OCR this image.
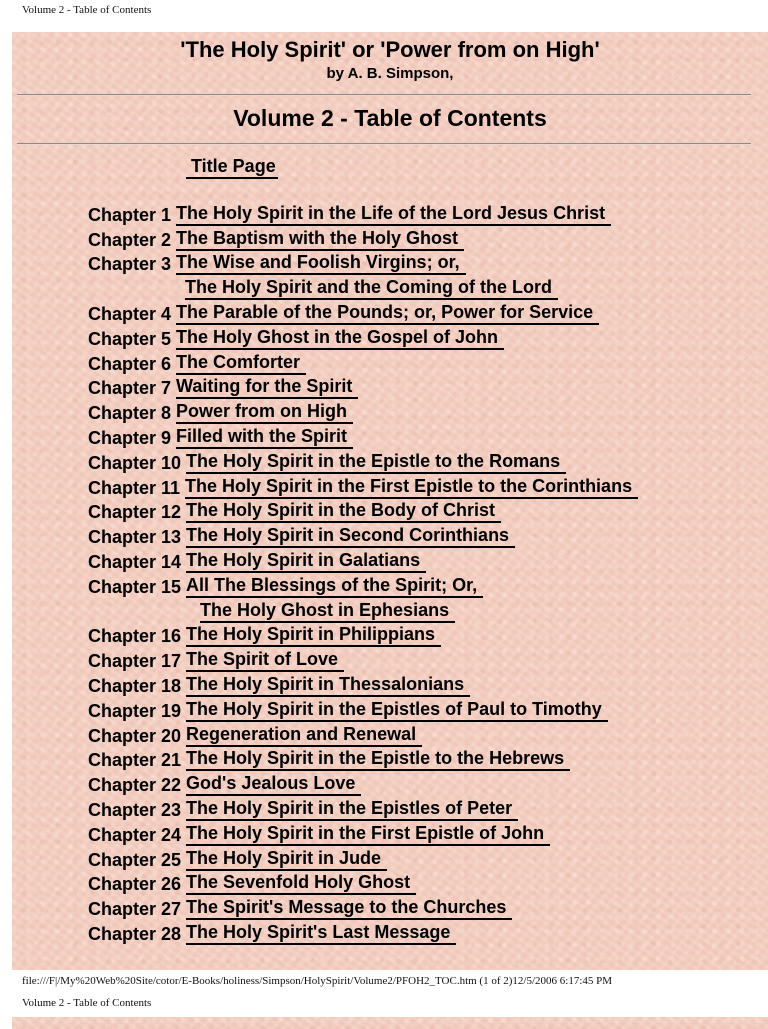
Volume 2 - Table of Contents
'The Holy Spirit' or 'Power from on High'
by A. B. Simpson,
Volume 2 - Table of Contents
Title Page
Chapter 1 The Holy Spirit in the Life of the Lord Jesus Christ
Chapter 2 The Baptism with the Holy Ghost
Chapter 3 The Wise and Foolish Virgins; or,
The Holy Spirit and the Coming of the Lord
Chapter 4 The Parable of the Pounds; or, Power for Service
Chapter 5 The Holy Ghost in the Gospel of John
Chapter 6 The Comforter
Chapter 7 Waiting for the Spirit
Chapter 8 Power from on High
Chapter 9 Filled with the Spirit
Chapter 10 The Holy Spirit in the Epistle to the Romans
Chapter 11 The Holy Spirit in the First Epistle to the Corinthians
Chapter 12 The Holy Spirit in the Body of Christ
Chapter 13 The Holy Spirit in Second Corinthians
Chapter 14 The Holy Spirit in Galatians
Chapter 15 All The Blessings of the Spirit; Or,
The Holy Ghost in Ephesians
Chapter 16 The Holy Spirit in Philippians
Chapter 17 The Spirit of Love
Chapter 18 The Holy Spirit in Thessalonians
Chapter 19 The Holy Spirit in the Epistles of Paul to Timothy
Chapter 20 Regeneration and Renewal
Chapter 21 The Holy Spirit in the Epistle to the Hebrews
Chapter 22 God's Jealous Love
Chapter 23 The Holy Spirit in the Epistles of Peter
Chapter 24 The Holy Spirit in the First Epistle of John
Chapter 25 The Holy Spirit in Jude
Chapter 26 The Sevenfold Holy Ghost
Chapter 27 The Spirit's Message to the Churches
Chapter 28 The Holy Spirit's Last Message
file:///F|/My%20Web%20Site/cotor/E-Books/holiness/Simpson/HolySpirit/Volume2/PFOH2_TOC.htm (1 of 2)12/5/2006 6:17:45 PM
Volume 2 - Table of Contents
